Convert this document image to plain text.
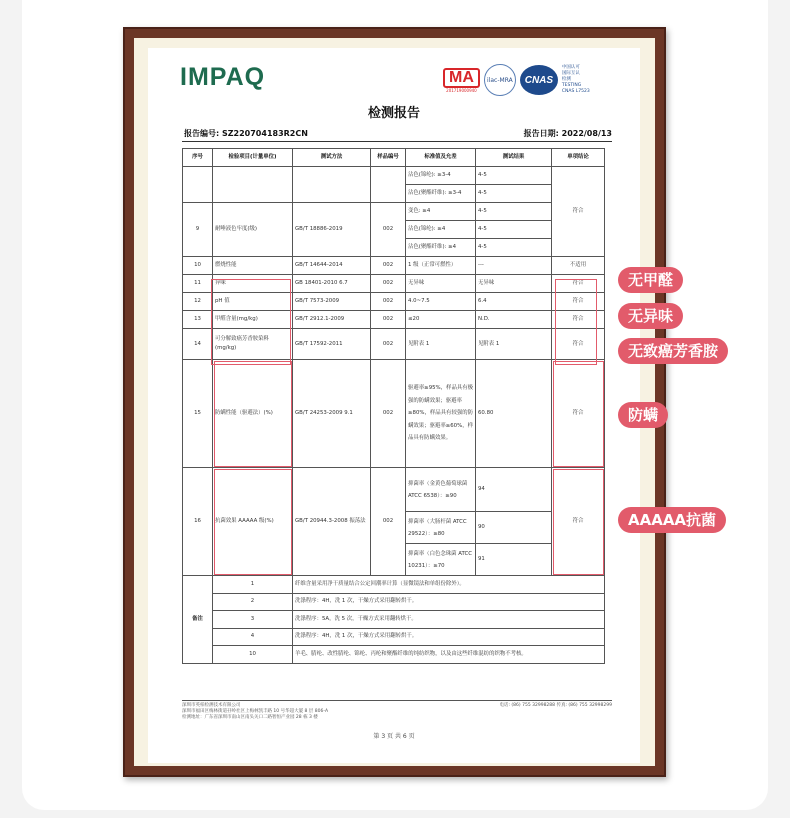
IMPAQ	MA
201719000940
ilac-MRA	CNAS
中国认可
国际互认
检测
TESTING
CNAS L7523
检测报告
报告编号: SZ220704183R2CN	报告日期: 2022/08/13
序号	检验项目(计量单位)	测试方法	样品编号	标准值及允差	测试结果	单项结论
				沾色(锦纶): ≥3-4	4-5	符合
				沾色(聚酯纤维): ≥3-4	4-5	
9	耐唾液色牢度(级)	GB/T 18886-2019	002	变色: ≥4	4-5	
				沾色(锦纶): ≥4	4-5	
				沾色(聚酯纤维): ≥4	4-5	
10	燃烧性能	GB/T 14644-2014	002	1 级（正常可燃性）	---	不适用
11	异味	GB 18401-2010 6.7	002	无异味	无异味	符合
12	pH 值	GB/T 7573-2009	002	4.0~7.5	6.4	符合
13	甲醛含量(mg/kg)	GB/T 2912.1-2009	002	≤20	N.D.	符合
14	可分解致癌芳香胺染料(mg/kg)	GB/T 17592-2011	002	见附表 1	见附表 1	符合
15	防螨性能（驱避法）(%)	GB/T 24253-2009 9.1	002	驱避率≥95%，样品具有极强的防螨效果；驱避率≥80%，样品具有较强的防螨效果；驱避率≥60%，样品具有防螨效果。	60.80	符合
16	抗菌效果 AAAAA 级(%)	GB/T 20944.3-2008 振荡法	002	抑菌率（金黄色葡萄球菌 ATCC 6538）：≥90	94	符合
				抑菌率（大肠杆菌 ATCC 29522）：≥80	90	
				抑菌率（白色念珠菌 ATCC 10231）：≥70	91	
备注	1	纤维含量采用净干质量结合公定回潮率计算（显微镜法和单组份除外）。				
	2	洗涤程序：4H，洗 1 次，干燥方式采用翻转烘干。				
	3	洗涤程序：5A，洗 5 次，干燥方式采用翻转烘干。				
	4	洗涤程序：4H，洗 1 次，干燥方式采用翻转烘干。				
	10	羊毛、腈纶、改性腈纶、锦纶、丙纶和聚酯纤维的纯纺织物，以及由这些纤维混纺的织物不考核。				
深圳市英柏检测技术有限公司
深圳市福田区梅林街道孖岭社区上梅林凯丰路 10 号华超大厦 8 层 806-A
检测地址：广东省深圳市南山区南头关口二路智恒产业园 28 栋 3 楼
电话: (86) 755 32998288 传真: (86) 755 32998299
第 3 页 共 6 页
无甲醛
无异味
无致癌芳香胺
防螨
AAAAA抗菌
